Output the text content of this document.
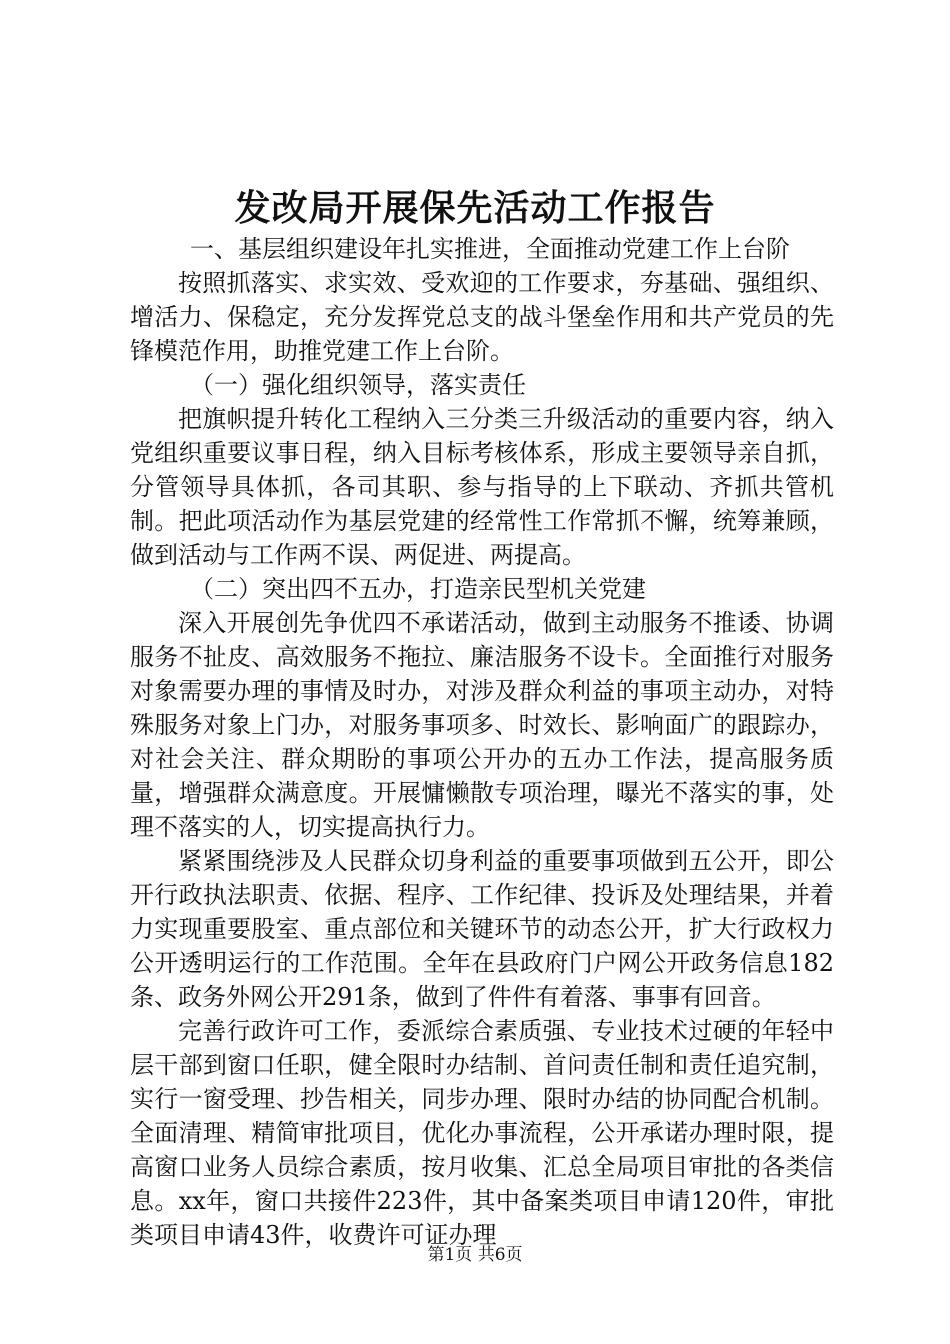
发改局开展保先活动工作报告

一、基层组织建设年扎实推进，全面推动党建工作上台阶

按照抓落实、求实效、受欢迎的工作要求，夯基础、强组织、增活力、保稳定，充分发挥党总支的战斗堡垒作用和共产党员的先锋模范作用，助推党建工作上台阶。

（一）强化组织领导，落实责任

把旗帜提升转化工程纳入三分类三升级活动的重要内容，纳入党组织重要议事日程，纳入目标考核体系，形成主要领导亲自抓，分管领导具体抓，各司其职、参与指导的上下联动、齐抓共管机制。把此项活动作为基层党建的经常性工作常抓不懈，统筹兼顾，做到活动与工作两不误、两促进、两提高。

（二）突出四不五办，打造亲民型机关党建

深入开展创先争优四不承诺活动，做到主动服务不推诿、协调服务不扯皮、高效服务不拖拉、廉洁服务不设卡。全面推行对服务对象需要办理的事情及时办，对涉及群众利益的事项主动办，对特殊服务对象上门办，对服务事项多、时效长、影响面广的跟踪办，对社会关注、群众期盼的事项公开办的五办工作法，提高服务质量，增强群众满意度。开展慵懒散专项治理，曝光不落实的事，处理不落实的人，切实提高执行力。

紧紧围绕涉及人民群众切身利益的重要事项做到五公开，即公开行政执法职责、依据、程序、工作纪律、投诉及处理结果，并着力实现重要股室、重点部位和关键环节的动态公开，扩大行政权力公开透明运行的工作范围。全年在县政府门户网公开政务信息182条、政务外网公开291条，做到了件件有着落、事事有回音。

完善行政许可工作，委派综合素质强、专业技术过硬的年轻中层干部到窗口任职，健全限时办结制、首问责任制和责任追究制，实行一窗受理、抄告相关，同步办理、限时办结的协同配合机制。全面清理、精简审批项目，优化办事流程，公开承诺办理时限，提高窗口业务人员综合素质，按月收集、汇总全局项目审批的各类信息。xx年，窗口共接件223件，其中备案类项目申请120件，审批类项目申请43件，收费许可证办理

第1页 共6页
